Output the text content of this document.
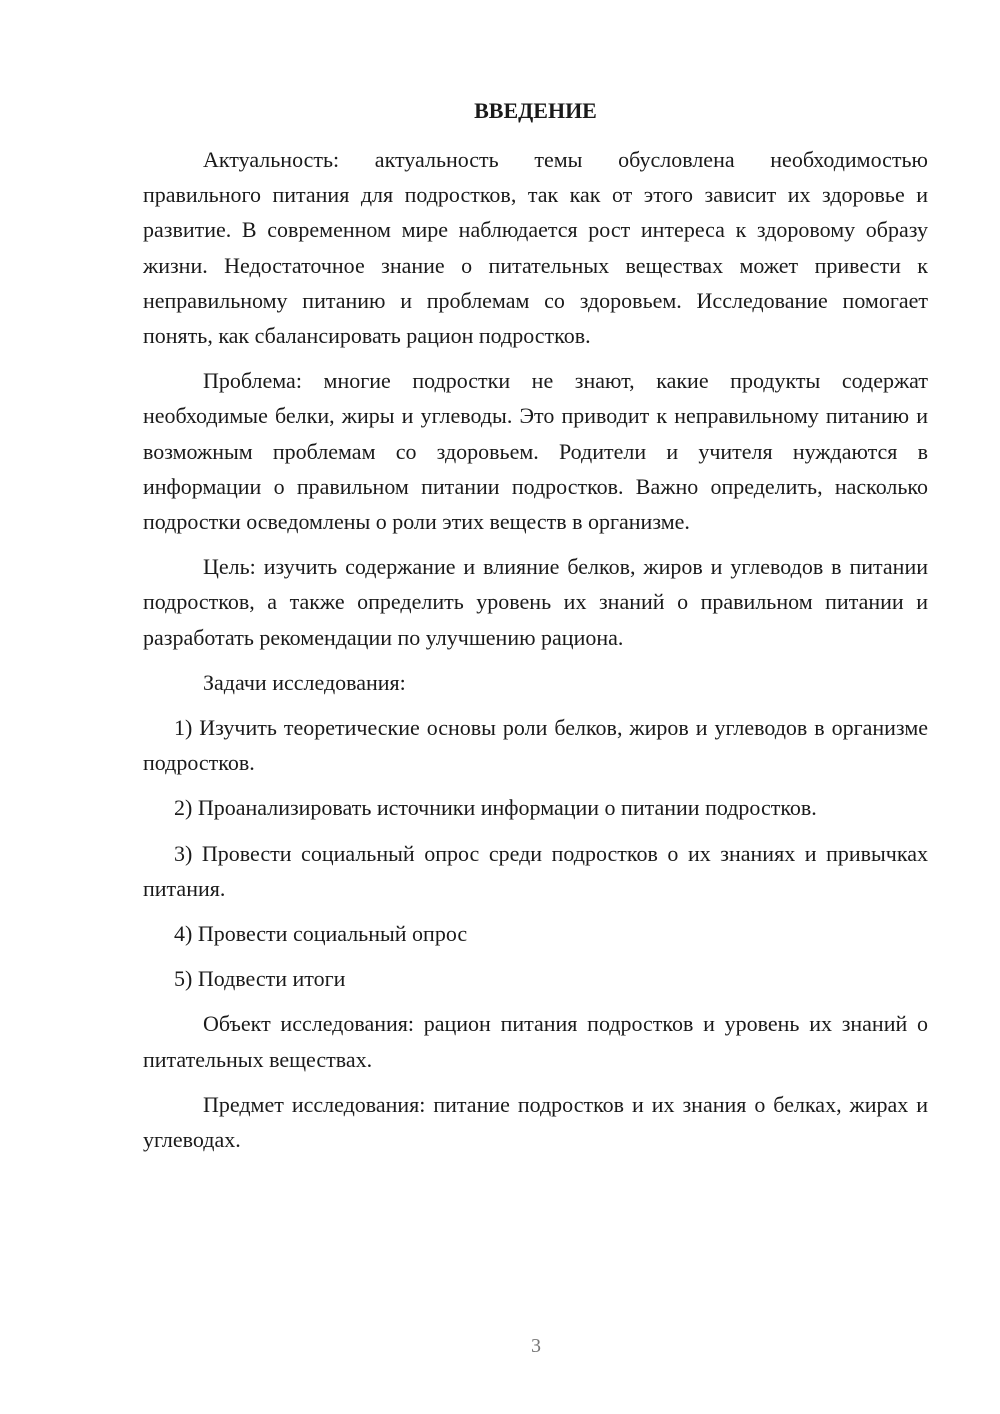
ВВЕДЕНИЕ

Актуальность: актуальность темы обусловлена необходимостью правильного питания для подростков, так как от этого зависит их здоровье и развитие. В современном мире наблюдается рост интереса к здоровому образу жизни. Недостаточное знание о питательных веществах может привести к неправильному питанию и проблемам со здоровьем. Исследование помогает понять, как сбалансировать рацион подростков.

Проблема: многие подростки не знают, какие продукты содержат необходимые белки, жиры и углеводы. Это приводит к неправильному питанию и возможным проблемам со здоровьем. Родители и учителя нуждаются в информации о правильном питании подростков. Важно определить, насколько подростки осведомлены о роли этих веществ в организме.

Цель: изучить содержание и влияние белков, жиров и углеводов в питании подростков, а также определить уровень их знаний о правильном питании и разработать рекомендации по улучшению рациона.

Задачи исследования:

1) Изучить теоретические основы роли белков, жиров и углеводов в организме подростков.

2) Проанализировать источники информации о питании подростков.

3) Провести социальный опрос среди подростков о их знаниях и привычках питания.

4) Провести социальный опрос

5) Подвести итоги

Объект исследования: рацион питания подростков и уровень их знаний о питательных веществах.

Предмет исследования: питание подростков и их знания о белках, жирах и углеводах.

3
